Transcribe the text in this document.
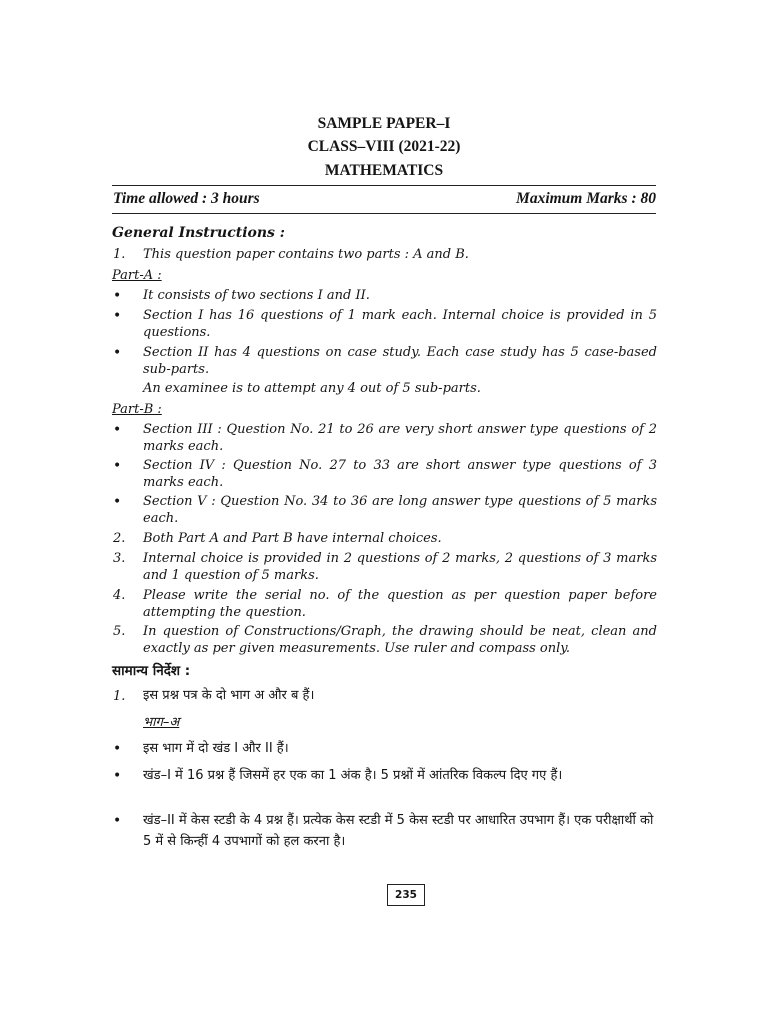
SAMPLE PAPER–I
CLASS–VIII (2021-22)
MATHEMATICS
Time allowed : 3 hours	Maximum Marks : 80
General Instructions :
1. This question paper contains two parts : A and B.
Part-A :
• It consists of two sections I and II.
• Section I has 16 questions of 1 mark each. Internal choice is provided in 5 questions.
• Section II has 4 questions on case study. Each case study has 5 case-based sub-parts.
An examinee is to attempt any 4 out of 5 sub-parts.
Part-B :
• Section III : Question No. 21 to 26 are very short answer type questions of 2 marks each.
• Section IV : Question No. 27 to 33 are short answer type questions of 3 marks each.
• Section V : Question No. 34 to 36 are long answer type questions of 5 marks each.
2. Both Part A and Part B have internal choices.
3. Internal choice is provided in 2 questions of 2 marks, 2 questions of 3 marks and 1 question of 5 marks.
4. Please write the serial no. of the question as per question paper before attempting the question.
5. In question of Constructions/Graph, the drawing should be neat, clean and exactly as per given measurements. Use ruler and compass only.
सामान्य निर्देश :
1. इस प्रश्न पत्र के दो भाग अ और ब हैं।
भाग–अ
• इस भाग में दो खंड I और II हैं।
• खंड–I में 16 प्रश्न हैं जिसमें हर एक का 1 अंक है। 5 प्रश्नों में आंतरिक विकल्प दिए गए हैं।
• खंड–II में केस स्टडी के 4 प्रश्न हैं। प्रत्येक केस स्टडी में 5 केस स्टडी पर आधारित उपभाग हैं। एक परीक्षार्थी को 5 में से किन्हीं 4 उपभागों को हल करना है।
235
